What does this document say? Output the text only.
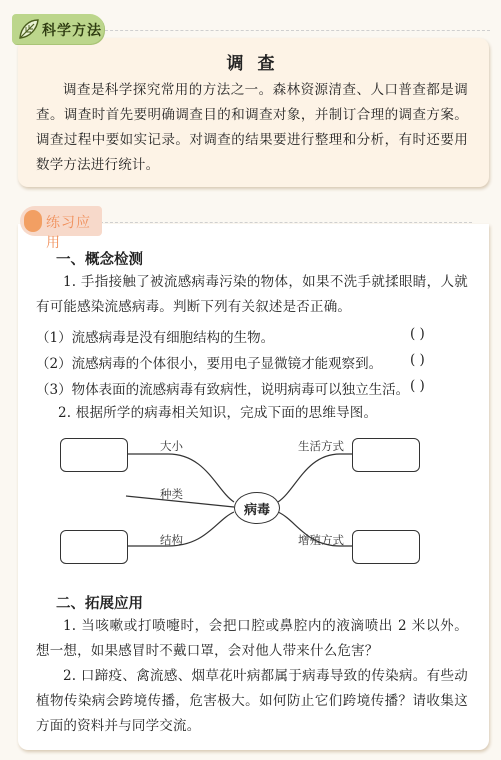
科学方法
调查
调查是科学探究常用的方法之一。森林资源清查、人口普查都是调查。调查时首先要明确调查目的和调查对象，并制订合理的调查方案。调查过程中要如实记录。对调查的结果要进行整理和分析，有时还要用数学方法进行统计。
练习应用
一、概念检测
1. 手指接触了被流感病毒污染的物体，如果不洗手就揉眼睛，人就有可能感染流感病毒。判断下列有关叙述是否正确。
（1）流感病毒是没有细胞结构的生物。	( )
（2）流感病毒的个体很小，要用电子显微镜才能观察到。	( )
（3）物体表面的流感病毒有致病性，说明病毒可以独立生活。 ( )
2. 根据所学的病毒相关知识，完成下面的思维导图。
病毒
大小
种类
结构
生活方式
增殖方式
二、拓展应用
1. 当咳嗽或打喷嚏时，会把口腔或鼻腔内的液滴喷出 2 米以外。想一想，如果感冒时不戴口罩，会对他人带来什么危害？
2. 口蹄疫、禽流感、烟草花叶病都属于病毒导致的传染病。有些动植物传染病会跨境传播，危害极大。如何防止它们跨境传播？请收集这方面的资料并与同学交流。
